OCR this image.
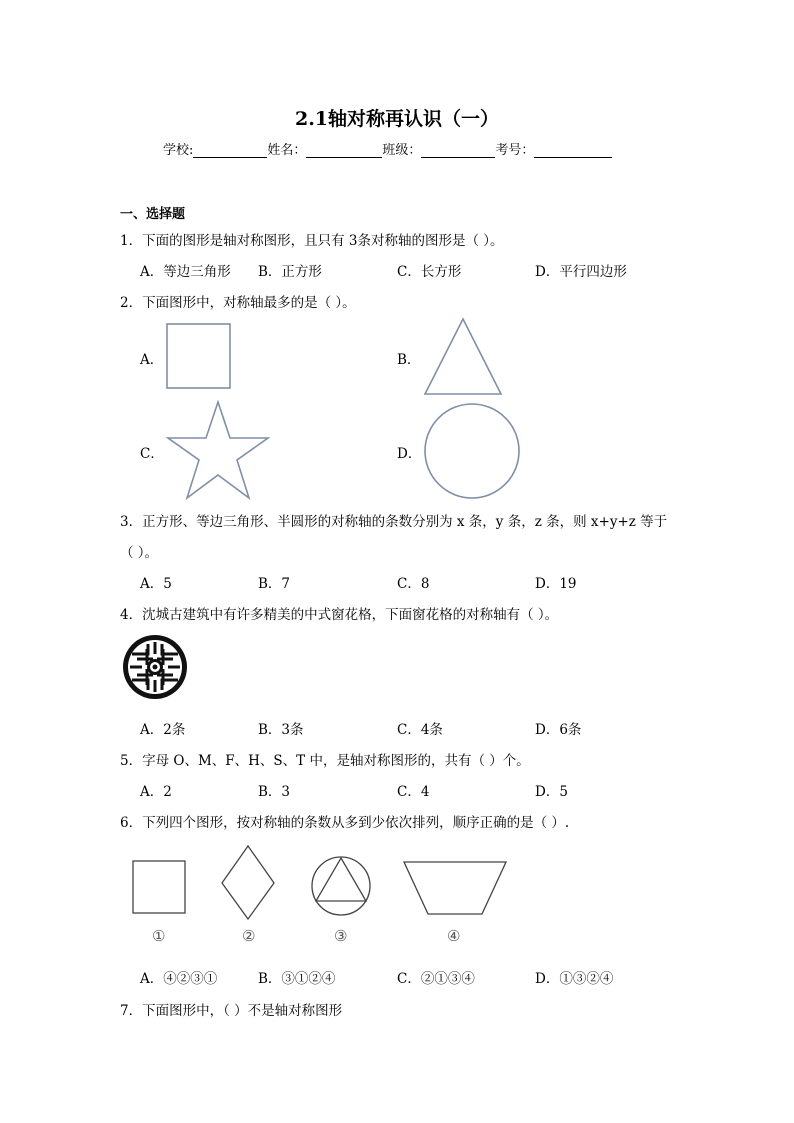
2.1轴对称再认识（一）
学校:	姓名：	班级：	考号：
一、选择题
1．下面的图形是轴对称图形，且只有 3条对称轴的图形是（ ）。
A．等边三角形 B．正方形	C．长方形	D．平行四边形
2．下面图形中，对称轴最多的是（ ）。
A．	B．
C．	D．
3．正方形、等边三角形、半圆形的对称轴的条数分别为 x 条，y 条，z 条，则 x+y+z 等于
（ ）。
A．5	B．7	C．8	D．19
4．沈城古建筑中有许多精美的中式窗花格，下面窗花格的对称轴有（ ）。
A．2条	B．3条	C．4条	D．6条
5．字母 O、M、F、H、S、T 中，是轴对称图形的，共有（ ）个。
A．2	B．3	C．4	D．5
6．下列四个图形，按对称轴的条数从多到少依次排列，顺序正确的是（ ）.
①	②	③	④
A．④②③①	B．③①②④	C．②①③④	D．①③②④
7．下面图形中，（ ）不是轴对称图形
